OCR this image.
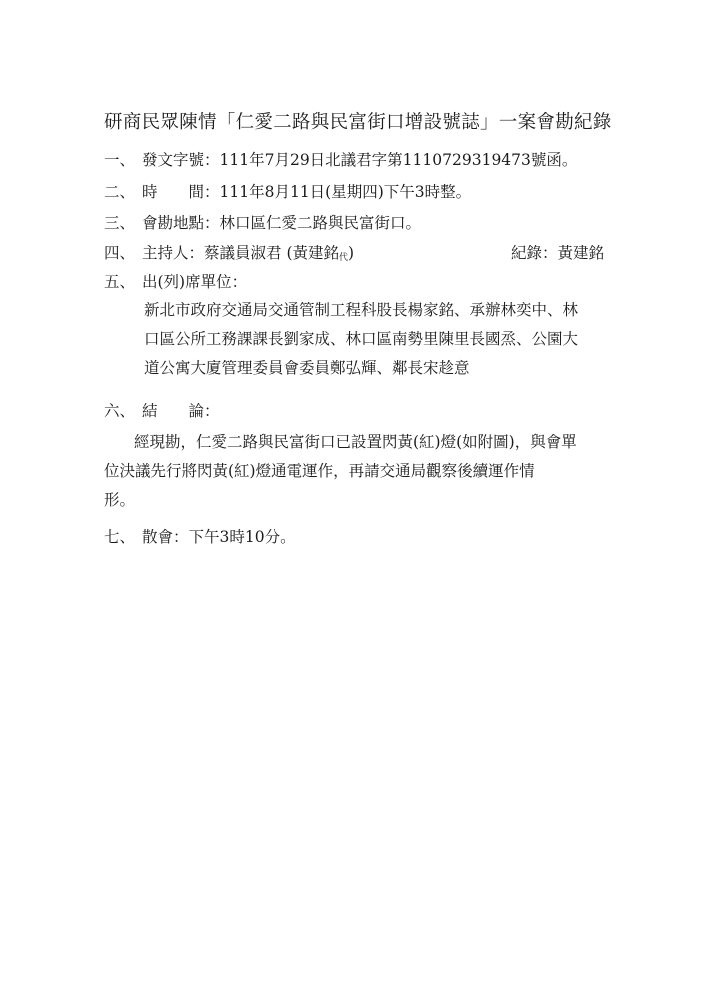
研商民眾陳情「仁愛二路與民富街口增設號誌」一案會勘紀錄
一、 發文字號：111年7月29日北議君字第1110729319473號函。
二、 時　　間：111年8月11日(星期四)下午3時整。
三、 會勘地點：林口區仁愛二路與民富街口。
四、 主持人：蔡議員淑君 (黃建銘$_代$)	紀錄：黃建銘
五、 出(列)席單位：
新北市政府交通局交通管制工程科股長楊家銘、承辦林奕中、林
口區公所工務課課長劉家成、林口區南勢里陳里長國烝、公園大
道公寓大廈管理委員會委員鄭弘輝、鄰長宋趁意
六、 結　　論：
經現勘，仁愛二路與民富街口已設置閃黃(紅)燈(如附圖)，與會單
位決議先行將閃黃(紅)燈通電運作，再請交通局觀察後續運作情
形。
七、 散會：下午3時10分。
